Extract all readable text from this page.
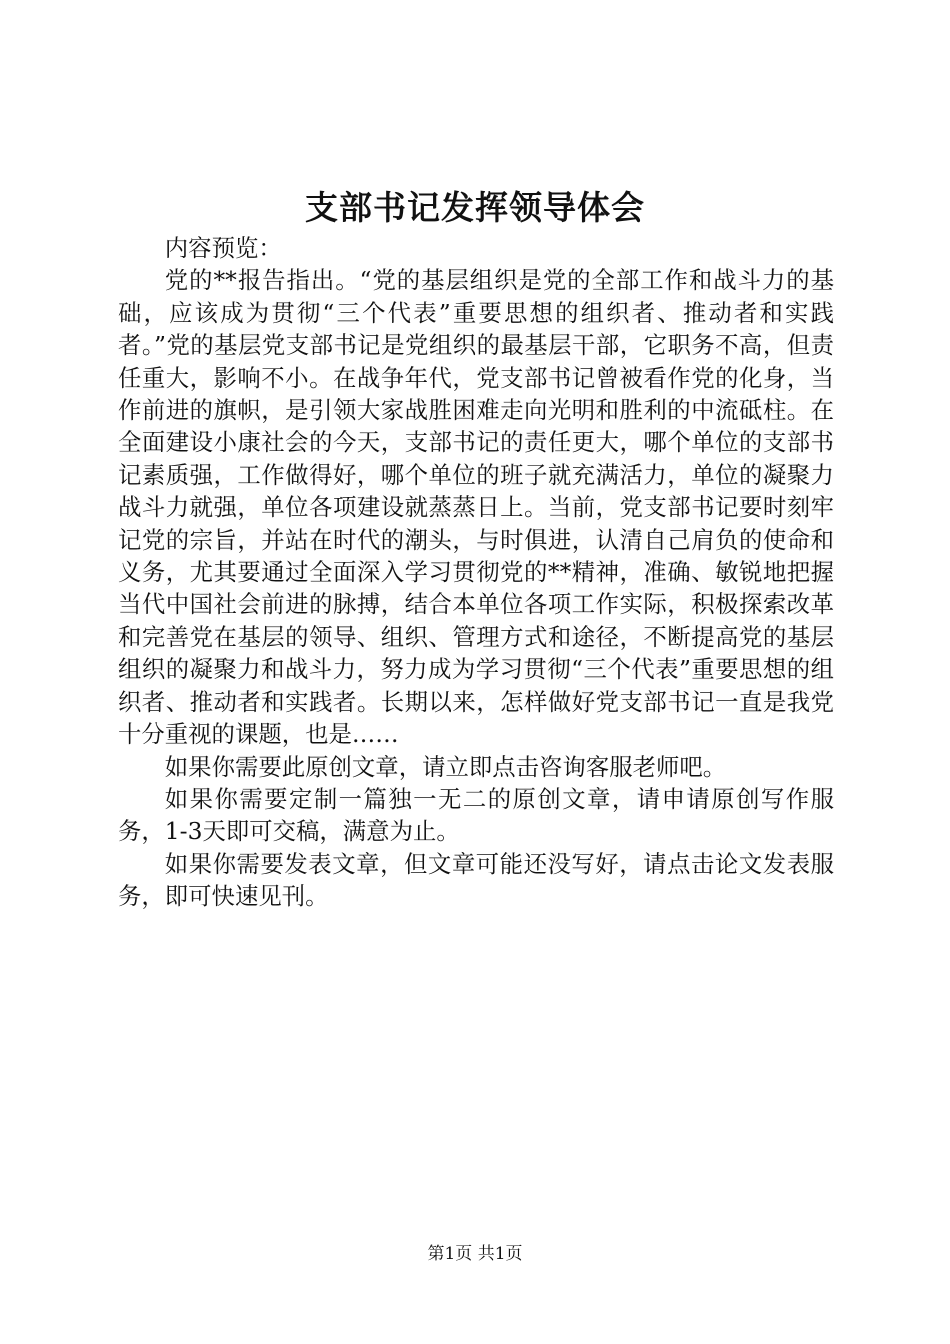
支部书记发挥领导体会

内容预览：

党的**报告指出。“党的基层组织是党的全部工作和战斗力的基础，应该成为贯彻“三个代表”重要思想的组织者、推动者和实践者。”党的基层党支部书记是党组织的最基层干部，它职务不高，但责任重大，影响不小。在战争年代，党支部书记曾被看作党的化身，当作前进的旗帜，是引领大家战胜困难走向光明和胜利的中流砥柱。在全面建设小康社会的今天，支部书记的责任更大，哪个单位的支部书记素质强，工作做得好，哪个单位的班子就充满活力，单位的凝聚力战斗力就强，单位各项建设就蒸蒸日上。当前，党支部书记要时刻牢记党的宗旨，并站在时代的潮头，与时俱进，认清自己肩负的使命和义务，尤其要通过全面深入学习贯彻党的**精神，准确、敏锐地把握当代中国社会前进的脉搏，结合本单位各项工作实际，积极探索改革和完善党在基层的领导、组织、管理方式和途径，不断提高党的基层组织的凝聚力和战斗力，努力成为学习贯彻“三个代表”重要思想的组织者、推动者和实践者。长期以来，怎样做好党支部书记一直是我党十分重视的课题，也是……

如果你需要此原创文章，请立即点击咨询客服老师吧。

如果你需要定制一篇独一无二的原创文章，请申请原创写作服务，1-3天即可交稿，满意为止。

如果你需要发表文章，但文章可能还没写好，请点击论文发表服务，即可快速见刊。

第1页 共1页
